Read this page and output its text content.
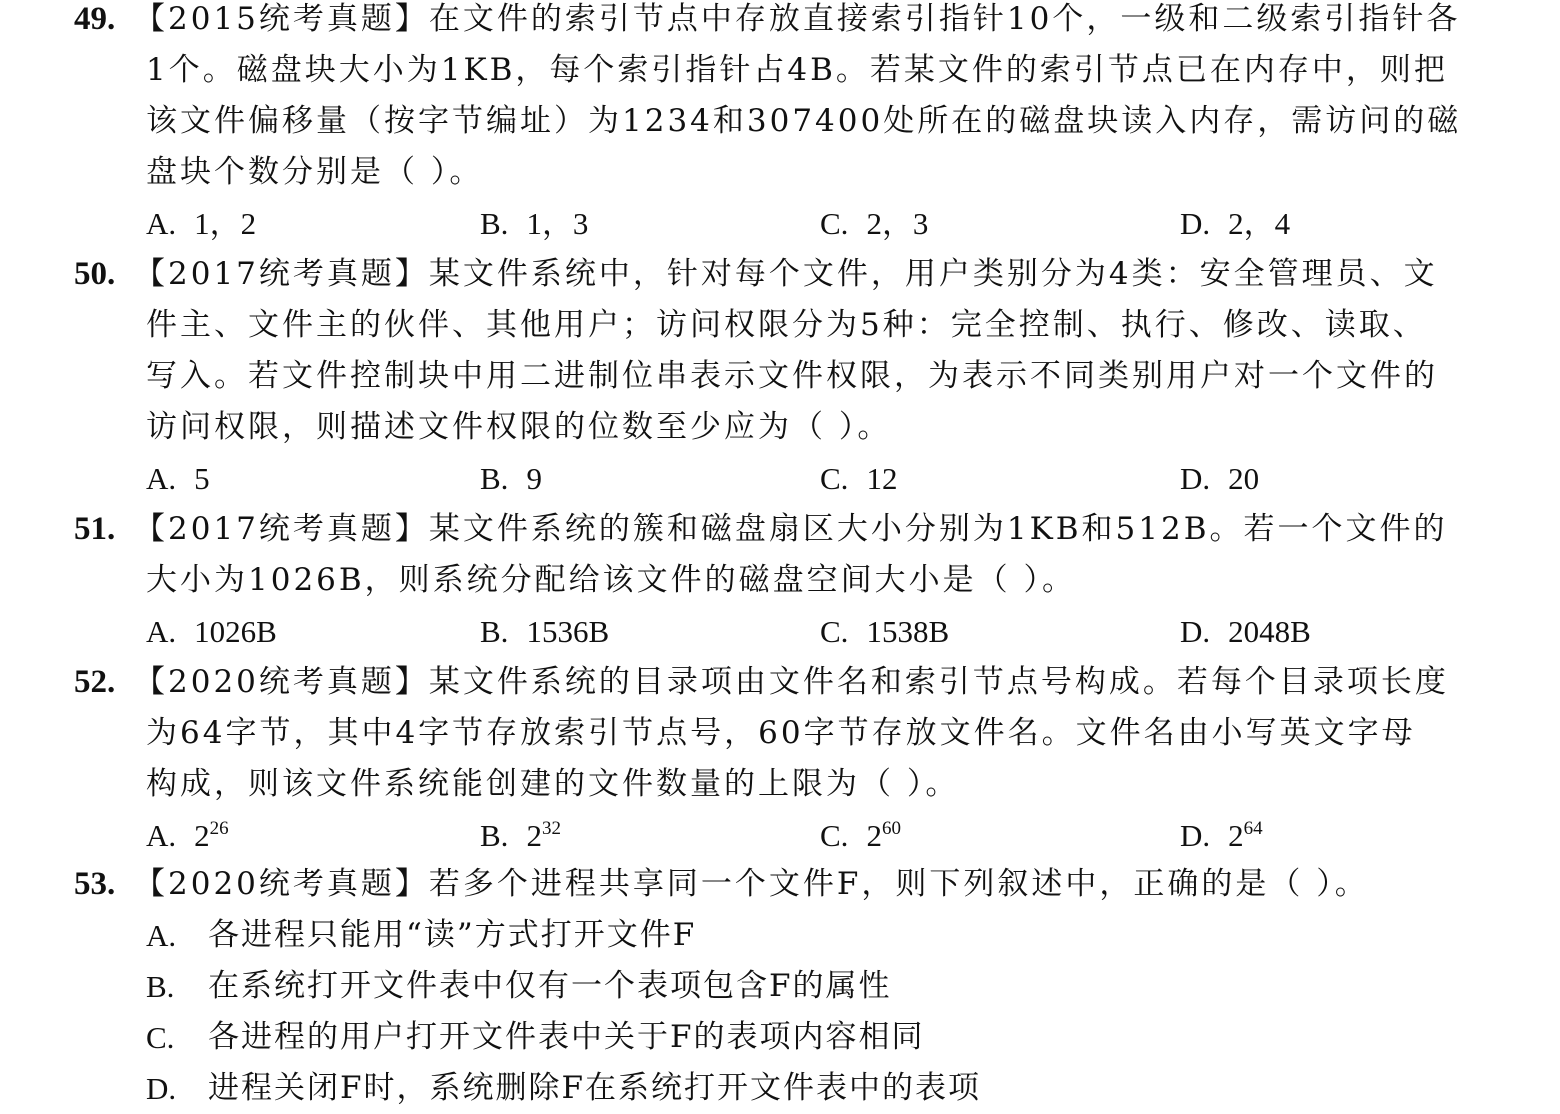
49. 【2015统考真题】在文件的索引节点中存放直接索引指针10个，一级和二级索引指针各
1个。磁盘块大小为1KB，每个索引指针占4B。若某文件的索引节点已在内存中，则把
该文件偏移量（按字节编址）为1234和307400处所在的磁盘块读入内存，需访问的磁
盘块个数分别是（ ）。
A. 1，2	B. 1，3	C. 2，3	D. 2，4
50. 【2017统考真题】某文件系统中，针对每个文件，用户类别分为4类：安全管理员、文
件主、文件主的伙伴、其他用户；访问权限分为5种：完全控制、执行、修改、读取、
写入。若文件控制块中用二进制位串表示文件权限，为表示不同类别用户对一个文件的
访问权限，则描述文件权限的位数至少应为（ ）。
A. 5	B. 9	C. 12	D. 20
51. 【2017统考真题】某文件系统的簇和磁盘扇区大小分别为1KB和512B。若一个文件的
大小为1026B，则系统分配给该文件的磁盘空间大小是（ ）。
A. 1026B	B. 1536B	C. 1538B	D. 2048B
52. 【2020统考真题】某文件系统的目录项由文件名和索引节点号构成。若每个目录项长度
为64字节，其中4字节存放索引节点号，60字节存放文件名。文件名由小写英文字母
构成，则该文件系统能创建的文件数量的上限为（ ）。
A. $2^{26}$	B. $2^{32}$	C. $2^{60}$	D. $2^{64}$
53. 【2020统考真题】若多个进程共享同一个文件F，则下列叙述中，正确的是（ ）。
A. 各进程只能用“读”方式打开文件F
B. 在系统打开文件表中仅有一个表项包含F的属性
C. 各进程的用户打开文件表中关于F的表项内容相同
D. 进程关闭F时，系统删除F在系统打开文件表中的表项
